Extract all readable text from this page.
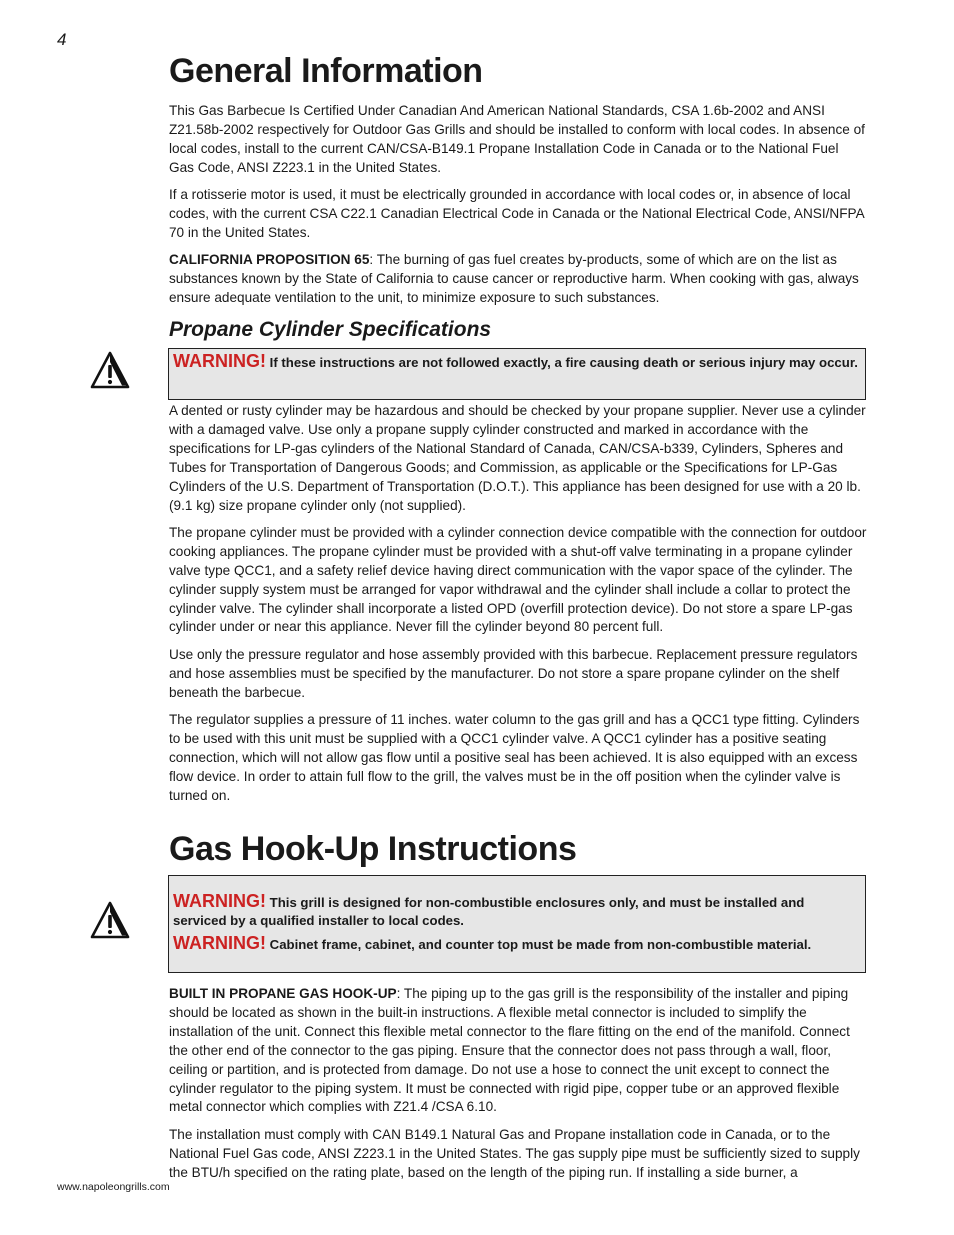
4
General Information

This Gas Barbecue Is Certified Under Canadian And American National Standards, CSA 1.6b-2002 and ANSI Z21.58b-2002 respectively for Outdoor Gas Grills and should be installed to conform with local codes. In absence of local codes, install to the current CAN/CSA-B149.1 Propane Installation Code in Canada or to the National Fuel Gas Code, ANSI Z223.1 in the United States.

If a rotisserie motor is used, it must be electrically grounded in accordance with local codes or, in absence of local codes, with the current CSA C22.1 Canadian Electrical Code in Canada or the National Electrical Code, ANSI/NFPA 70 in the United States.

CALIFORNIA PROPOSITION 65: The burning of gas fuel creates by-products, some of which are on the list as substances known by the State of California to cause cancer or reproductive harm. When cooking with gas, always ensure adequate ventilation to the unit, to minimize exposure to such substances.

Propane Cylinder Specifications
WARNING! If these instructions are not followed exactly, a fire causing death or serious injury may occur.

A dented or rusty cylinder may be hazardous and should be checked by your propane supplier. Never use a cylinder with a damaged valve. Use only a propane supply cylinder constructed and marked in accordance with the specifications for LP-gas cylinders of the National Standard of Canada, CAN/CSA-b339, Cylinders, Spheres and Tubes for Transportation of Dangerous Goods; and Commission, as applicable or the Specifications for LP-Gas Cylinders of the U.S. Department of Transportation (D.O.T.). This appliance has been designed for use with a 20 lb. (9.1 kg) size propane cylinder only (not supplied).

The propane cylinder must be provided with a cylinder connection device compatible with the connection for outdoor cooking appliances. The propane cylinder must be provided with a shut-off valve terminating in a propane cylinder valve type QCC1, and a safety relief device having direct communication with the vapor space of the cylinder. The cylinder supply system must be arranged for vapor withdrawal and the cylinder shall include a collar to protect the cylinder valve. The cylinder shall incorporate a listed OPD (overfill protection device). Do not store a spare LP-gas cylinder under or near this appliance. Never fill the cylinder beyond 80 percent full.

Use only the pressure regulator and hose assembly provided with this barbecue. Replacement pressure regulators and hose assemblies must be specified by the manufacturer. Do not store a spare propane cylinder on the shelf beneath the barbecue.

The regulator supplies a pressure of 11 inches. water column to the gas grill and has a QCC1 type fitting. Cylinders to be used with this unit must be supplied with a QCC1 cylinder valve. A QCC1 cylinder has a positive seating connection, which will not allow gas flow until a positive seal has been achieved. It is also equipped with an excess flow device. In order to attain full flow to the grill, the valves must be in the off position when the cylinder valve is turned on.

Gas Hook-Up Instructions
WARNING! This grill is designed for non-combustible enclosures only, and must be installed and serviced by a qualified installer to local codes.
WARNING! Cabinet frame, cabinet, and counter top must be made from non-combustible material.

BUILT IN PROPANE GAS HOOK-UP: The piping up to the gas grill is the responsibility of the installer and piping should be located as shown in the built-in instructions. A flexible metal connector is included to simplify the installation of the unit. Connect this flexible metal connector to the flare fitting on the end of the manifold. Connect the other end of the connector to the gas piping. Ensure that the connector does not pass through a wall, floor, ceiling or partition, and is protected from damage. Do not use a hose to connect the unit except to connect the cylinder regulator to the piping system. It must be connected with rigid pipe, copper tube or an approved flexible metal connector which complies with Z21.4 /CSA 6.10.

The installation must comply with CAN B149.1 Natural Gas and Propane installation code in Canada, or to the National Fuel Gas code, ANSI Z223.1 in the United States. The gas supply pipe must be sufficiently sized to supply the BTU/h specified on the rating plate, based on the length of the piping run. If installing a side burner, a

www.napoleongrills.com
